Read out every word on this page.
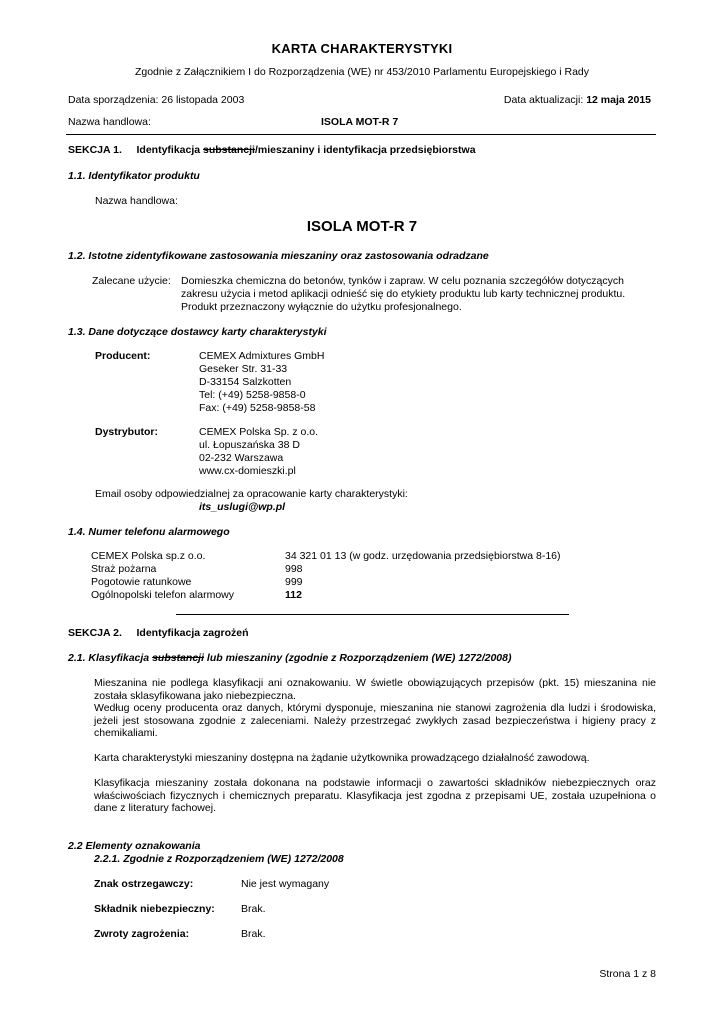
KARTA CHARAKTERYSTYKI
Zgodnie z Załącznikiem I do Rozporządzenia (WE) nr 453/2010 Parlamentu Europejskiego i Rady
Data sporządzenia: 26 listopada 2003	Data aktualizacji: 12 maja 2015
Nazwa handlowa:	ISOLA MOT-R 7
SEKCJA 1. Identyfikacja substancji/mieszaniny i identyfikacja przedsiębiorstwa
1.1. Identyfikator produktu
Nazwa handlowa:
ISOLA MOT-R 7
1.2. Istotne zidentyfikowane zastosowania mieszaniny oraz zastosowania odradzane
Zalecane użycie: Domieszka chemiczna do betonów, tynków i zapraw. W celu poznania szczegółów dotyczących
zakresu użycia i metod aplikacji odnieść się do etykiety produktu lub karty technicznej produktu.
Produkt przeznaczony wyłącznie do użytku profesjonalnego.
1.3. Dane dotyczące dostawcy karty charakterystyki
Producent:	CEMEX Admixtures GmbH
Geseker Str. 31-33
D-33154 Salzkotten
Tel: (+49) 5258-9858-0
Fax: (+49) 5258-9858-58
Dystrybutor:	CEMEX Polska Sp. z o.o.
ul. Łopuszańska 38 D
02-232 Warszawa
www.cx-domieszki.pl
Email osoby odpowiedzialnej za opracowanie karty charakterystyki:
its_uslugi@wp.pl
1.4. Numer telefonu alarmowego
CEMEX Polska sp.z o.o.	34 321 01 13 (w godz. urzędowania przedsiębiorstwa 8-16)
Straż pożarna	998
Pogotowie ratunkowe	999
Ogólnopolski telefon alarmowy	112
SEKCJA 2. Identyfikacja zagrożeń
2.1. Klasyfikacja substancji lub mieszaniny (zgodnie z Rozporządzeniem (WE) 1272/2008)
Mieszanina nie podlega klasyfikacji ani oznakowaniu. W świetle obowiązujących przepisów (pkt. 15) mieszanina nie została sklasyfikowana jako niebezpieczna.
Według oceny producenta oraz danych, którymi dysponuje, mieszanina nie stanowi zagrożenia dla ludzi i środowiska, jeżeli jest stosowana zgodnie z zaleceniami. Należy przestrzegać zwykłych zasad bezpieczeństwa i higieny pracy z chemikaliami.
Karta charakterystyki mieszaniny dostępna na żądanie użytkownika prowadzącego działalność zawodową.
Klasyfikacja mieszaniny została dokonana na podstawie informacji o zawartości składników niebezpiecznych oraz właściwościach fizycznych i chemicznych preparatu. Klasyfikacja jest zgodna z przepisami UE, została uzupełniona o dane z literatury fachowej.
2.2 Elementy oznakowania
2.2.1. Zgodnie z Rozporządzeniem (WE) 1272/2008
Znak ostrzegawczy:	Nie jest wymagany
Składnik niebezpieczny: Brak.
Zwroty zagrożenia:	Brak.
Strona 1 z 8
